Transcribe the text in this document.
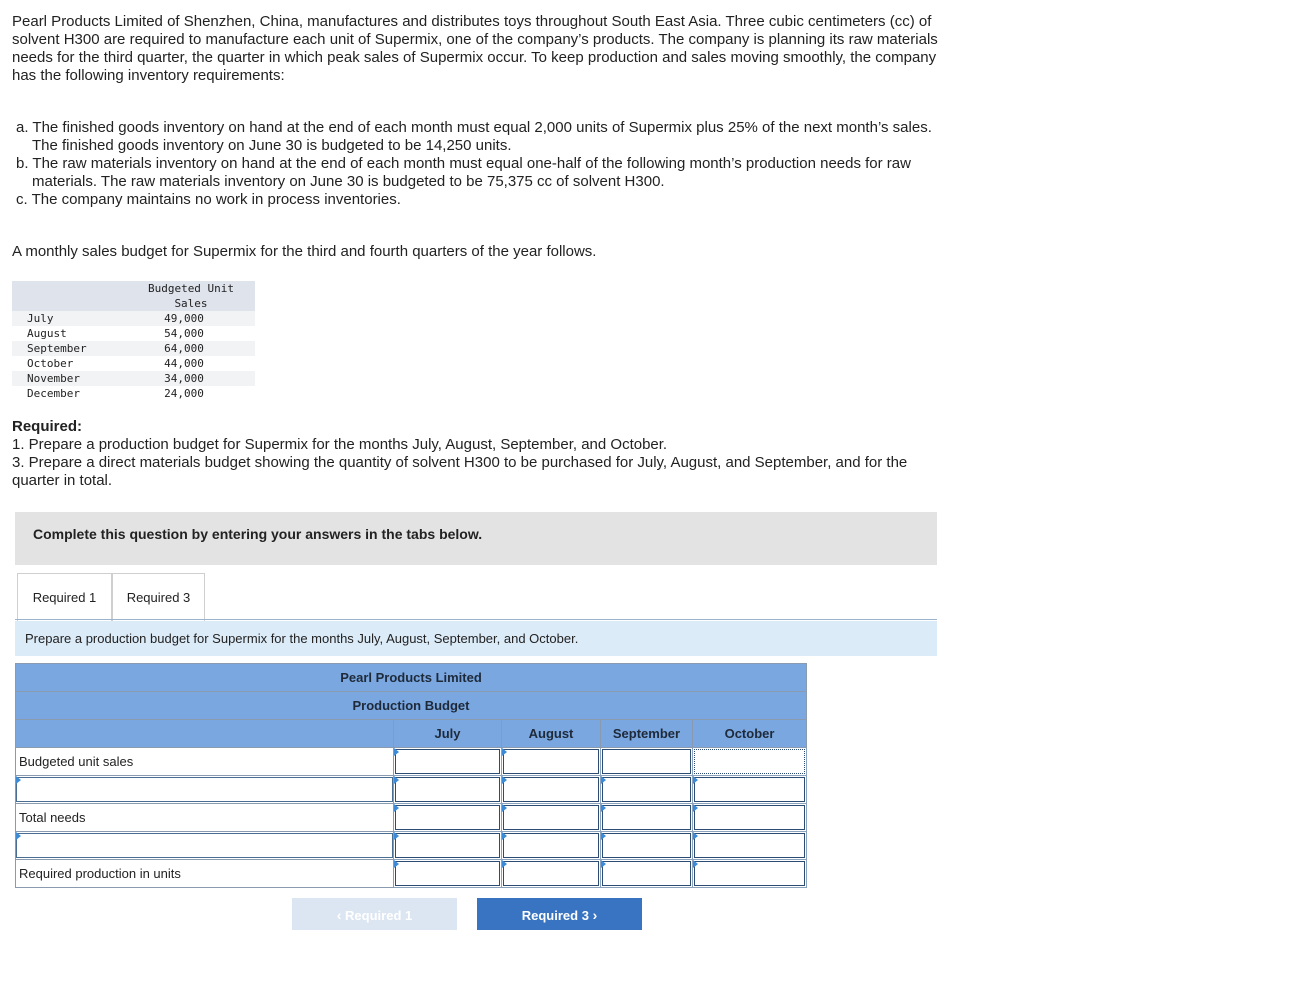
Pearl Products Limited of Shenzhen, China, manufactures and distributes toys throughout South East Asia. Three cubic centimeters (cc) of solvent H300 are required to manufacture each unit of Supermix, one of the company’s products. The company is planning its raw materials needs for the third quarter, the quarter in which peak sales of Supermix occur. To keep production and sales moving smoothly, the company has the following inventory requirements:

a. The finished goods inventory on hand at the end of each month must equal 2,000 units of Supermix plus 25% of the next month’s sales. The finished goods inventory on June 30 is budgeted to be 14,250 units.
b. The raw materials inventory on hand at the end of each month must equal one-half of the following month’s production needs for raw materials. The raw materials inventory on June 30 is budgeted to be 75,375 cc of solvent H300.
c. The company maintains no work in process inventories.

A monthly sales budget for Supermix for the third and fourth quarters of the year follows.

	Budgeted Unit

	Sales
July	49,000
August	54,000
September	64,000
October	44,000
November	34,000
December	24,000
Required:
1. Prepare a production budget for Supermix for the months July, August, September, and October.
3. Prepare a direct materials budget showing the quantity of solvent H300 to be purchased for July, August, and September, and for the quarter in total.
Complete this question by entering your answers in the tabs below.
Required 1	Required 3
Prepare a production budget for Supermix for the months July, August, September, and October.
Pearl Products Limited				
Production Budget				
	July	August	September	October
Budgeted unit sales	

Total needs	

Required production in units	

‹ Required 1	Required 3 ›
